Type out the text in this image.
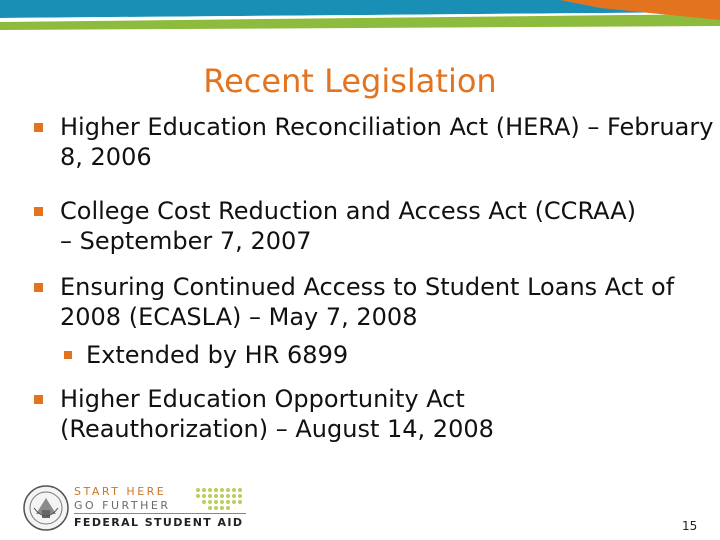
Recent Legislation
Higher Education Reconciliation Act (HERA) – February 8, 2006
College Cost Reduction and Access Act (CCRAA) – September 7, 2007
Ensuring Continued Access to Student Loans Act of 2008 (ECASLA) – May 7, 2008
Extended by HR 6899
Higher Education Opportunity Act (Reauthorization) – August 14, 2008
START HERE
GO FURTHER
FEDERAL STUDENT AID	15
